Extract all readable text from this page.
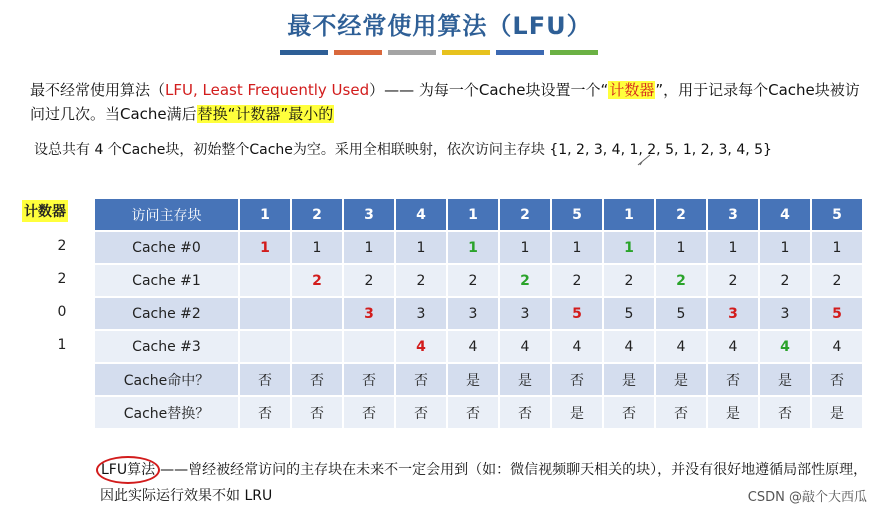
最不经常使用算法（LFU）
最不经常使用算法（LFU, Least Frequently Used）—— 为每一个Cache块设置一个“计数器”，用于记录每个Cache块被访问过几次。当Cache满后替换“计数器”最小的
设总共有 4 个Cache块，初始整个Cache为空。采用全相联映射，依次访问主存块 {1, 2, 3, 4, 1, 2, 5, 1, 2, 3, 4, 5}
计数器
2
2
0
1
访问主存块	1	2	3	4	1	2	5	1	2	3	4	5
Cache #0	1	1	1	1	1	1	1	1	1	1	1	1
Cache #1		2	2	2	2	2	2	2	2	2	2	2
Cache #2			3	3	3	3	5	5	5	3	3	5
Cache #3				4	4	4	4	4	4	4	4	4
Cache命中？	否	否	否	否	是	是	否	是	是	否	是	否
Cache替换？	否	否	否	否	否	否	是	否	否	是	否	是
LFU算法 ——曾经被经常访问的主存块在未来不一定会用到（如：微信视频聊天相关的块），并没有很好地遵循局部性原理，因此实际运行效果不如 LRU	CSDN @敲个大西瓜
